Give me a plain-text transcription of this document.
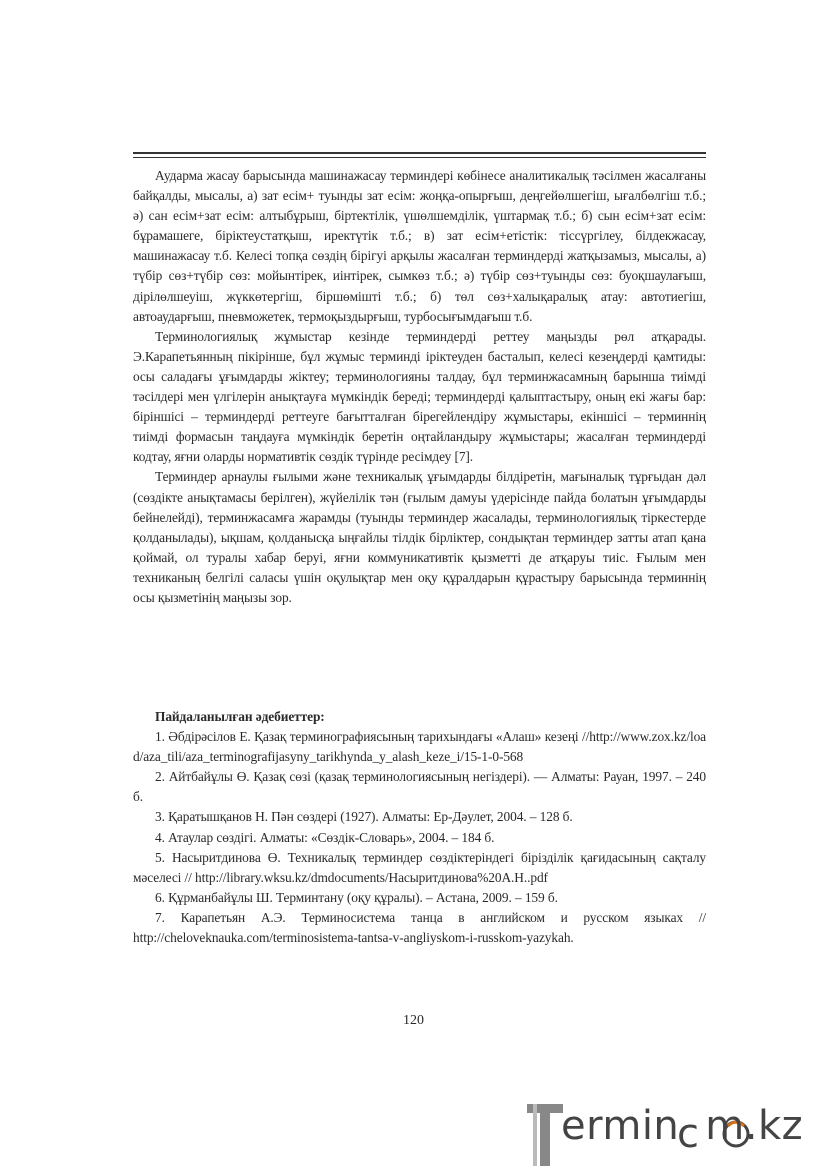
Аударма жасау барысында машинажасау терминдері көбінесе аналитикалық тәсілмен жасалғаны байқалды, мысалы, а) зат есім+ туынды зат есім: жоңқа-опырғыш, деңгейөлшегіш, ығалбөлгіш т.б.; ә) сан есім+зат есім: алтыбұрыш, біртектілік, үшөлшемділік, үштармақ т.б.; б) сын есім+зат есім: бұрамашеге, біріктеустатқыш, иректүтік т.б.; в) зат есім+етістік: тіссүргілеу, білдекжасау, машинажасау т.б. Келесі топқа сөздің бірігуі арқылы жасалған терминдерді жатқызамыз, мысалы, а) түбір сөз+түбір сөз: мойынтірек, иінтірек, сымкөз т.б.; ә) түбір сөз+туынды сөз: буоқшаулағыш, дірілөлшеуіш, жүккөтергіш, біршөмішті т.б.; б) төл сөз+халықаралық атау: автотиегіш, автоаударғыш, пневможетек, термоқыздырғыш, турбосығымдағыш т.б.

Терминологиялық жұмыстар кезінде терминдерді реттеу маңызды рөл атқарады. Э.Карапетьянның пікірінше, бұл жұмыс терминді іріктеуден басталып, келесі кезеңдерді қамтиды: осы саладағы ұғымдарды жіктеу; терминологияны талдау, бұл терминжасамның барынша тиімді тәсілдері мен үлгілерін анықтауға мүмкіндік береді; терминдерді қалыптастыру, оның екі жағы бар: біріншісі – терминдерді реттеуге бағытталған бірегейлендіру жұмыстары, екіншісі – терминнің тиімді формасын таңдауға мүмкіндік беретін оңтайландыру жұмыстары; жасалған терминдерді кодтау, яғни оларды нормативтік сөздік түрінде ресімдеу [7].

Терминдер арнаулы ғылыми және техникалық ұғымдарды білдіретін, мағыналық тұрғыдан дәл (сөздікте анықтамасы берілген), жүйелілік тән (ғылым дамуы үдерісінде пайда болатын ұғымдарды бейнелейді), терминжасамға жарамды (туынды терминдер жасалады, терминологиялық тіркестерде қолданылады), ықшам, қолданысқа ыңғайлы тілдік бірліктер, сондықтан терминдер затты атап қана қоймай, ол туралы хабар беруі, яғни коммуникативтік қызметті де атқаруы тиіс. Ғылым мен техниканың белгілі саласы үшін оқулықтар мен оқу құралдарын құрастыру барысында терминнің осы қызметінің маңызы зор.

Пайдаланылған әдебиеттер:

1. Әбдірәсілов Е. Қазақ терминографиясының тарихындағы «Алаш» кезеңі //http://www.zox.kz/load/aza_tili/aza_terminografijasyny_tarikhynda_y_alash_keze_i/15-1-0-568

2. Айтбайұлы Ө. Қазақ сөзі (қазақ терминологиясының негіздері). — Алматы: Рауан, 1997. – 240 б.

3. Қаратышқанов Н. Пән сөздері (1927). Алматы: Ер-Дәулет, 2004. – 128 б.

4. Атаулар сөздігі. Алматы: «Сөздік-Словарь», 2004. – 184 б.

5. Насыритдинова Ө. Техникалық терминдер сөздіктеріндегі бірізділік қағидасының сақталу мәселесі // http://library.wksu.kz/dmdocuments/Насыритдинова%20А.Н..pdf

6. Құрманбайұлы Ш. Терминтану (оқу құралы). – Астана, 2009. – 159 б.

7. Карапетьян А.Э. Терминосистема танца в английском и русском языках // http://cheloveknauka.com/terminosistema-tantsa-v-angliyskom-i-russkom-yazykah.

120
ermin m.kz
c
